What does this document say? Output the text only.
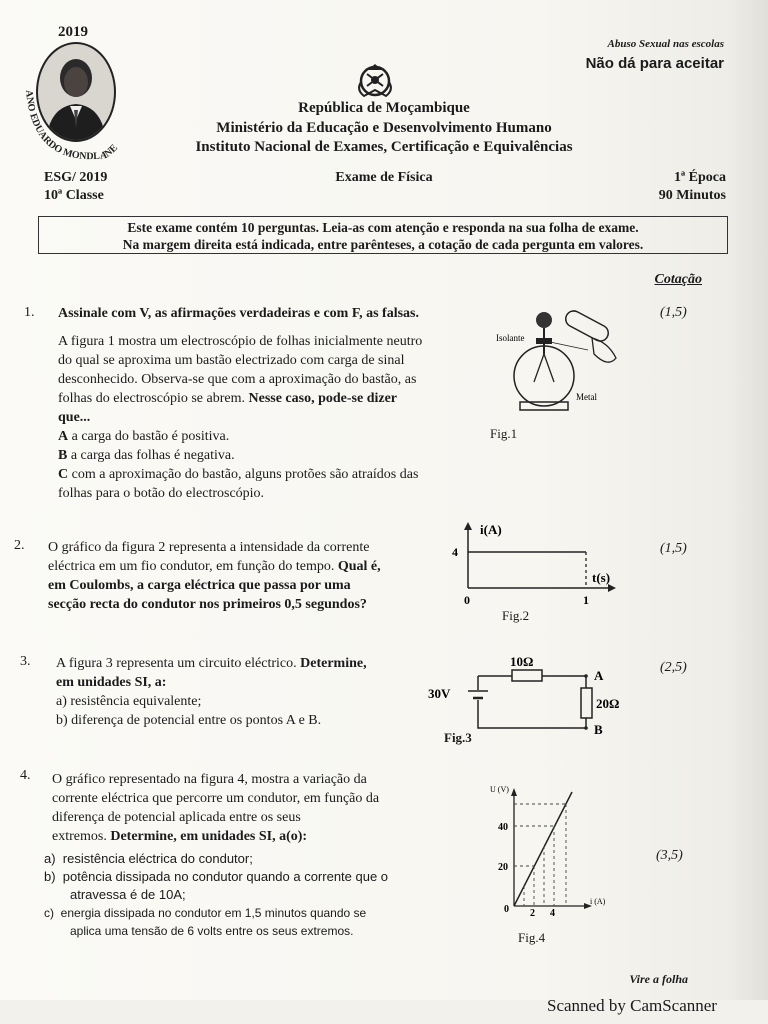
2019
ANO EDUARDO MONDLANE
Abuso Sexual nas escolas
Não dá para aceitar
República de Moçambique
Ministério da Educação e Desenvolvimento Humano
Instituto Nacional de Exames, Certificação e Equivalências
ESG/ 2019
10ª Classe
Exame de Física	1ª Época
90 Minutos
Este exame contém 10 perguntas. Leia-as com atenção e responda na sua folha de exame.
Na margem direita está indicada, entre parênteses, a cotação de cada pergunta em valores.
Cotação
1. Assinale com V, as afirmações verdadeiras e com F, as falsas.	(1,5)
A figura 1 mostra um electroscópio de folhas inicialmente neutro
do qual se aproxima um bastão electrizado com carga de sinal
desconhecido. Observa-se que com a aproximação do bastão, as
folhas do electroscópio se abrem. Nesse caso, pode-se dizer
que...
A a carga do bastão é positiva.
B a carga das folhas é negativa.
C com a aproximação do bastão, alguns protões são atraídos das
folhas para o botão do electroscópio.
Isolante
Metal
Fig.1
2.	(1,5)
O gráfico da figura 2 representa a intensidade da corrente
eléctrica em um fio condutor, em função do tempo. Qual é,
em Coulombs, a carga eléctrica que passa por uma
secção recta do condutor nos primeiros 0,5 segundos?
i(A)
t(s)
4
0	1
Fig.2
3.	(2,5)
A figura 3 representa um circuito eléctrico. Determine,
em unidades SI, a:
a) resistência equivalente;
b) diferença de potencial entre os pontos A e B.
10Ω
20Ω
30V
A
B
Fig.3
4.
(3,5)
O gráfico representado na figura 4, mostra a variação da
corrente eléctrica que percorre um condutor, em função da
diferença de potencial aplicada entre os seus
extremos. Determine, em unidades SI, a(o):
a) resistência eléctrica do condutor;
b) potência dissipada no condutor quando a corrente que o
atravessa é de 10A;
c) energia dissipada no condutor em 1,5 minutos quando se
aplica uma tensão de 6 volts entre os seus extremos.
U (V)
i (A)
40
20
0 2 4
Fig.4
Vire a folha
Scanned by CamScanner
